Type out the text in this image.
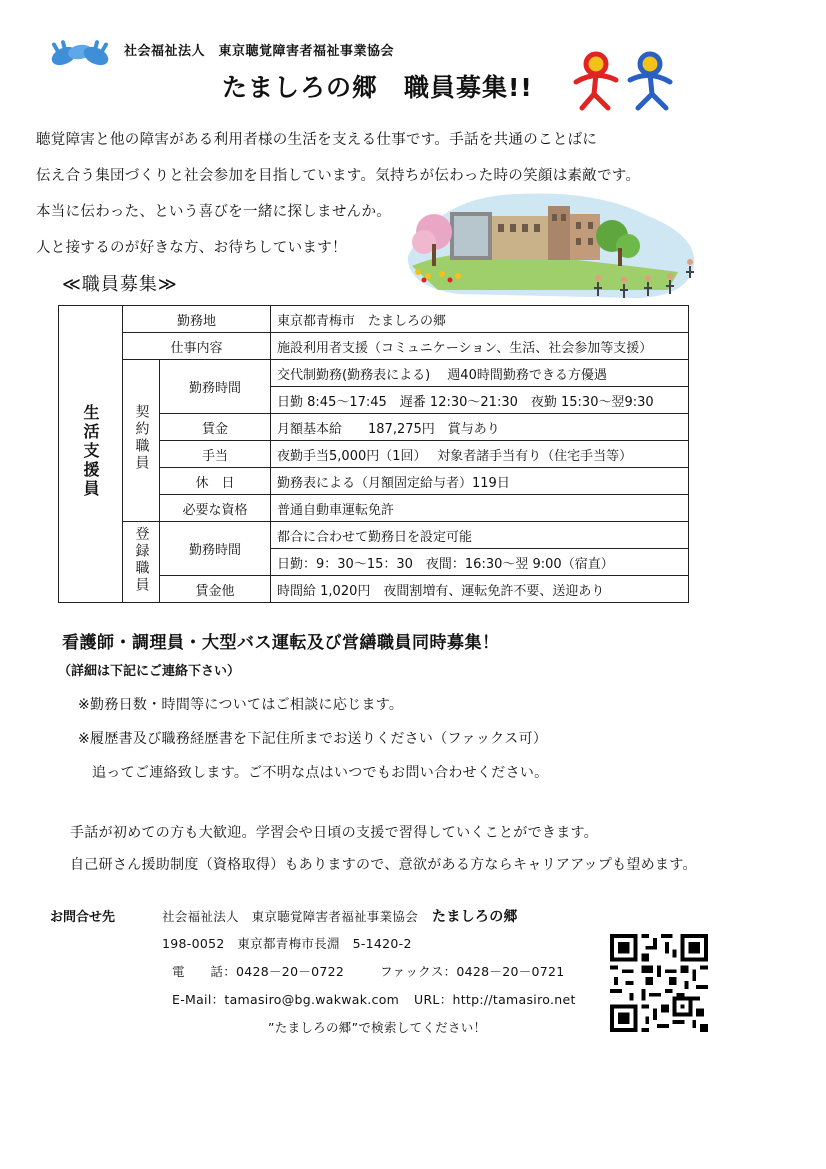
社会福祉法人　東京聴覚障害者福祉事業協会
たましろの郷　職員募集!!
聴覚障害と他の障害がある利用者様の生活を支える仕事です。手話を共通のことばに
伝え合う集団づくりと社会参加を目指しています。気持ちが伝わった時の笑顔は素敵です。
本当に伝わった、という喜びを一緒に探しませんか。
人と接するのが好きな方、お待ちしています！
≪職員募集≫
生活支援員	勤務地		東京都青梅市　たましろの郷
	仕事内容		施設利用者支援（コミュニケーション、生活、社会参加等支援）
	契約職員	勤務時間	交代制勤務(勤務表による)　 週40時間勤務できる方優遇
			日勤 8:45～17:45　遅番 12:30～21:30　夜勤 15:30～翌9:30
		賃金	月額基本給　　187,275円　賞与あり
		手当	夜勤手当5,000円（1回）　 対象者諸手当有り（住宅手当等）
		休　日	勤務表による（月額固定給与者）119日
		必要な資格	普通自動車運転免許
	登録職員	勤務時間	都合に合わせて勤務日を設定可能
			日勤：9：30～15：30　夜間：16:30～翌 9:00（宿直）
		賃金他	時間給 1,020円　夜間割増有、運転免許不要、送迎あり
看護師・調理員・大型バス運転及び営繕職員同時募集！
（詳細は下記にご連絡下さい）
※勤務日数・時間等についてはご相談に応じます。
※履歴書及び職務経歴書を下記住所までお送りください（ファックス可）
追ってご連絡致します。ご不明な点はいつでもお問い合わせください。
手話が初めての方も大歓迎。学習会や日頃の支援で習得していくことができます。
自己研さん援助制度（資格取得）もありますので、意欲がある方ならキャリアアップも望めます。
お問合せ先	社会福祉法人　東京聴覚障害者福祉事業協会 たましろの郷
198-0052　東京都青梅市長淵　5-1420-2
電　　話：0428－20－0722	ファックス：0428－20－0721
E-Mail：tamasiro@bg.wakwak.com URL：http://tamasiro.net
”たましろの郷”で検索してください！
